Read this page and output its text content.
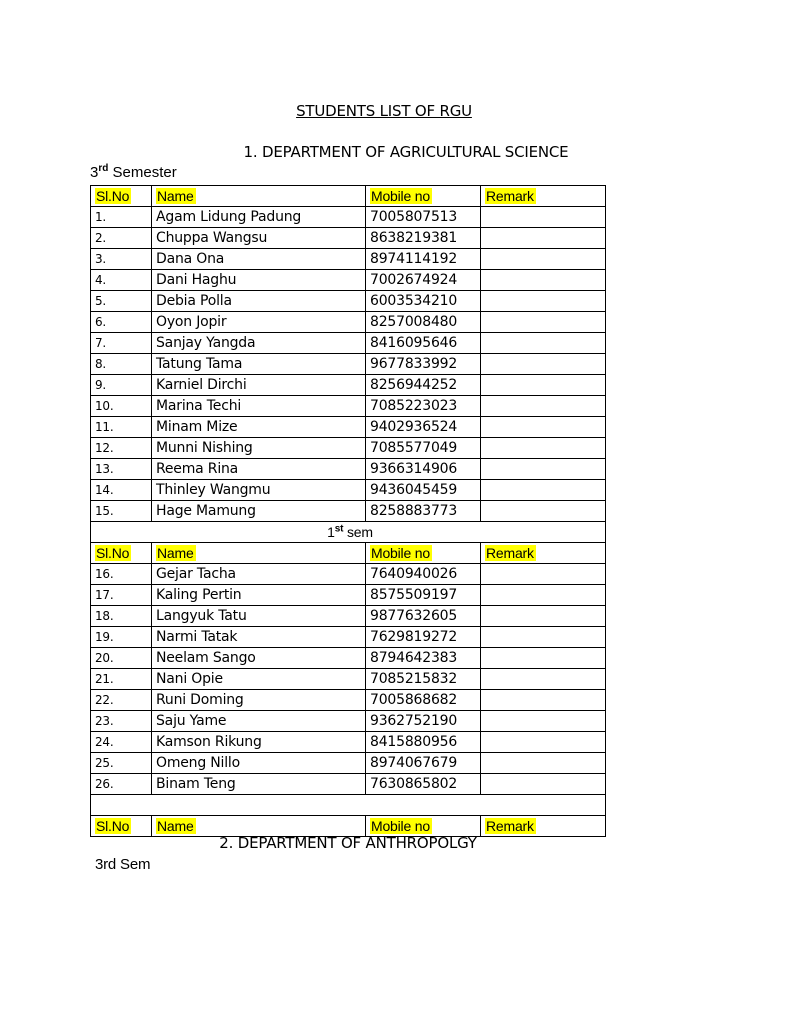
STUDENTS LIST OF RGU
1. DEPARTMENT OF AGRICULTURAL SCIENCE
3rd Semester
Sl.No	Name	Mobile no	Remark
1.	Agam Lidung Padung	7005807513	
2.	Chuppa Wangsu	8638219381	
3.	Dana Ona	8974114192	
4.	Dani Haghu	7002674924	
5.	Debia Polla	6003534210	
6.	Oyon Jopir	8257008480	
7.	Sanjay Yangda	8416095646	
8.	Tatung Tama	9677833992	
9.	Karniel Dirchi	8256944252	
10.	Marina Techi	7085223023	
11.	Minam Mize	9402936524	
12.	Munni Nishing	7085577049	
13.	Reema Rina	9366314906	
14.	Thinley Wangmu	9436045459	
15.	Hage Mamung	8258883773	
1st sem			
Sl.No	Name	Mobile no	Remark
16.	Gejar Tacha	7640940026	
17.	Kaling Pertin	8575509197	
18.	Langyuk Tatu	9877632605	
19.	Narmi Tatak	7629819272	
20.	Neelam Sango	8794642383	
21.	Nani Opie	7085215832	
22.	Runi Doming	7005868682	
23.	Saju Yame	9362752190	
24.	Kamson Rikung	8415880956	
25.	Omeng Nillo	8974067679	
26.	Binam Teng	7630865802	

2. DEPARTMENT OF ANTHROPOLGY
3rd Sem			

Sl.No	Name	Mobile no	Remark
